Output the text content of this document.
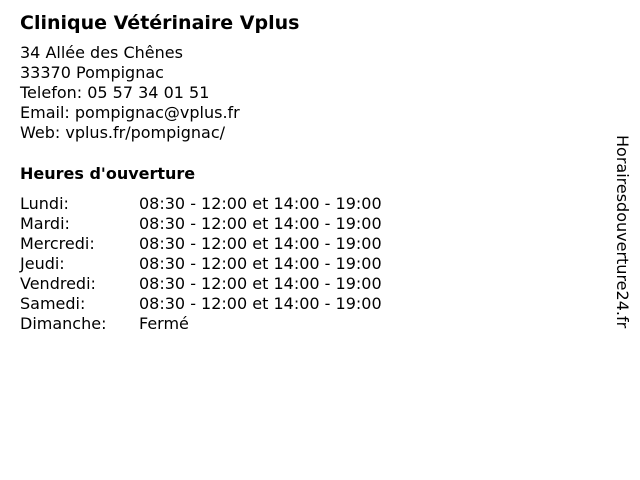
Clinique Vétérinaire Vplus
34 Allée des Chênes
33370 Pompignac
Telefon: 05 57 34 01 51
Email: pompignac@vplus.fr
Web: vplus.fr/pompignac/
Heures d'ouverture
Lundi:	08:30 - 12:00 et 14:00 - 19:00
Mardi:	08:30 - 12:00 et 14:00 - 19:00
Mercredi:	08:30 - 12:00 et 14:00 - 19:00
Jeudi:	08:30 - 12:00 et 14:00 - 19:00
Vendredi:	08:30 - 12:00 et 14:00 - 19:00
Samedi:	08:30 - 12:00 et 14:00 - 19:00
Dimanche: Fermé	Horairesdouverture24.fr
